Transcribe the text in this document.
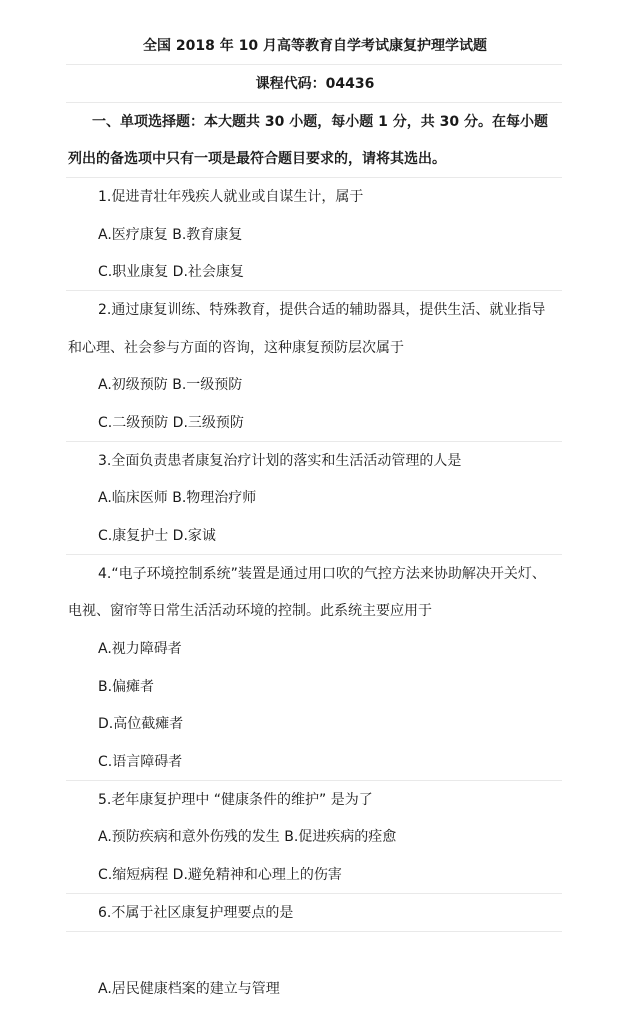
全国 2018 年 10 月高等教育自学考试康复护理学试题
课程代码：04436
一、单项选择题：本大题共 30 小题，每小题 1 分，共 30 分。在每小题
列出的备选项中只有一项是最符合题目要求的，请将其选出。
1.促进青壮年残疾人就业或自谋生计，属于
A.医疗康复 B.教育康复
C.职业康复 D.社会康复
2.通过康复训练、特殊教育，提供合适的辅助器具，提供生活、就业指导
和心理、社会参与方面的咨询，这种康复预防层次属于
A.初级预防 B.一级预防
C.二级预防 D.三级预防
3.全面负责患者康复治疗计划的落实和生活活动管理的人是
A.临床医师 B.物理治疗师
C.康复护士 D.家诚
4.“电子环境控制系统”装置是通过用口吹的气控方法来协助解决开关灯、
电视、窗帘等日常生活活动环境的控制。此系统主要应用于
A.视力障碍者
B.偏瘫者
D.高位截瘫者
C.语言障碍者
5.老年康复护理中 “健康条件的维护” 是为了
A.预防疾病和意外伤残的发生 B.促进疾病的痊愈
C.缩短病程 D.避免精神和心理上的伤害
6.不属于社区康复护理要点的是
A.居民健康档案的建立与管理
